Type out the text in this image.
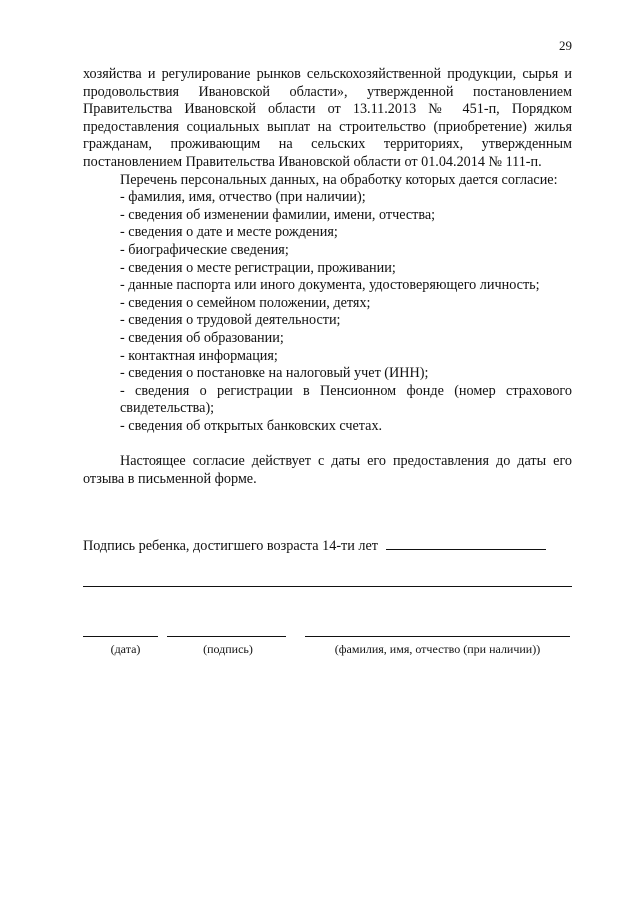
29

хозяйства и регулирование рынков сельскохозяйственной продукции, сырья и продовольствия Ивановской области», утвержденной постановлением Правительства Ивановской области от 13.11.2013 № 451-п, Порядком предоставления социальных выплат на строительство (приобретение) жилья гражданам, проживающим на сельских территориях, утвержденным постановлением Правительства Ивановской области от 01.04.2014 № 111-п.

Перечень персональных данных, на обработку которых дается согласие:

- фамилия, имя, отчество (при наличии);
- сведения об изменении фамилии, имени, отчества;
- сведения о дате и месте рождения;
- биографические сведения;
- сведения о месте регистрации, проживании;
- данные паспорта или иного документа, удостоверяющего личность;
- сведения о семейном положении, детях;
- сведения о трудовой деятельности;
- сведения об образовании;
- контактная информация;
- сведения о постановке на налоговый учет (ИНН);
- сведения о регистрации в Пенсионном фонде (номер страхового свидетельства);
- сведения об открытых банковских счетах.

Настоящее согласие действует с даты его предоставления до даты его отзыва в письменной форме.

Подпись ребенка, достигшего возраста 14-ти лет
(дата)	(подпись)	(фамилия, имя, отчество (при наличии))
